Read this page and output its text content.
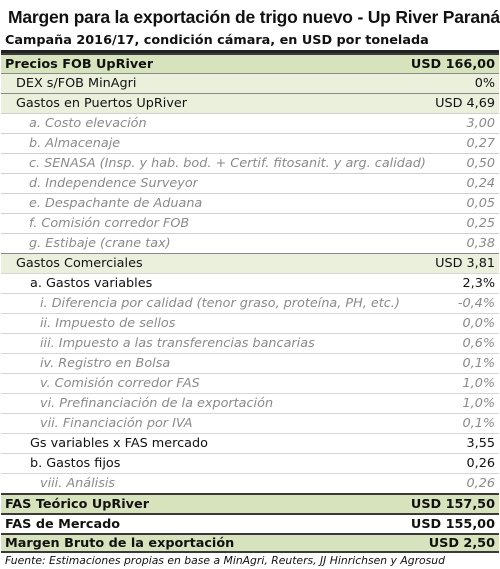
Margen para la exportación de trigo nuevo - Up River Paraná
Campaña 2016/17, condición cámara, en USD por tonelada
Precios FOB UpRiver	USD 166,00
DEX s/FOB MinAgri	0%
Gastos en Puertos UpRiver	USD 4,69
a. Costo elevación	3,00
b. Almacenaje	0,27
c. SENASA (Insp. y hab. bod. + Certif. fitosanit. y arg. calidad)	0,50
d. Independence Surveyor	0,24
e. Despachante de Aduana	0,05
f. Comisión corredor FOB	0,25
g. Estibaje (crane tax)	0,38
Gastos Comerciales	USD 3,81
a. Gastos variables	2,3%
i. Diferencia por calidad (tenor graso, proteína, PH, etc.)	-0,4%
ii. Impuesto de sellos	0,0%
iii. Impuesto a las transferencias bancarias	0,6%
iv. Registro en Bolsa	0,1%
v. Comisión corredor FAS	1,0%
vi. Prefinanciación de la exportación	1,0%
vii. Financiación por IVA	0,1%
Gs variables x FAS mercado	3,55
b. Gastos fijos	0,26
viii. Análisis	0,26
FAS Teórico UpRiver	USD 157,50
FAS de Mercado	USD 155,00
Margen Bruto de la exportación	USD 2,50
Fuente: Estimaciones propias en base a MinAgri, Reuters, JJ Hinrichsen y Agrosud
